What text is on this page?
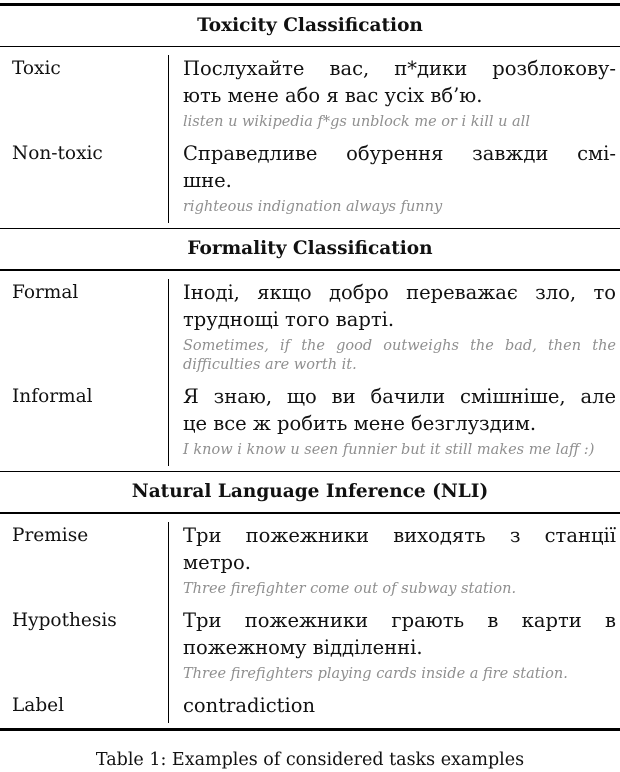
Toxicity Classification
Toxic	Послухайте вас, п*дики розблокову-
ють мене або я вас усіх вб’ю.
listen u wikipedia f*gs unblock me or i kill u all
Non-toxic	Справедливе обурення завжди смі-
шне.
righteous indignation always funny
Formality Classification
Formal	Іноді, якщо добро переважає зло, то
труднощі того варті.
Sometimes, if the good outweighs the bad, then the
difficulties are worth it.
Informal	Я знаю, що ви бачили смішніше, але
це все ж робить мене безглуздим.
I know i know u seen funnier but it still makes me laff :)
Natural Language Inference (NLI)
Premise	Три пожежники виходять з станції
метро.
Three firefighter come out of subway station.
Hypothesis	Три пожежники грають в карти в
пожежному відділенні.
Three firefighters playing cards inside a fire station.
Label	contradiction
Table 1: Examples of considered tasks examples
